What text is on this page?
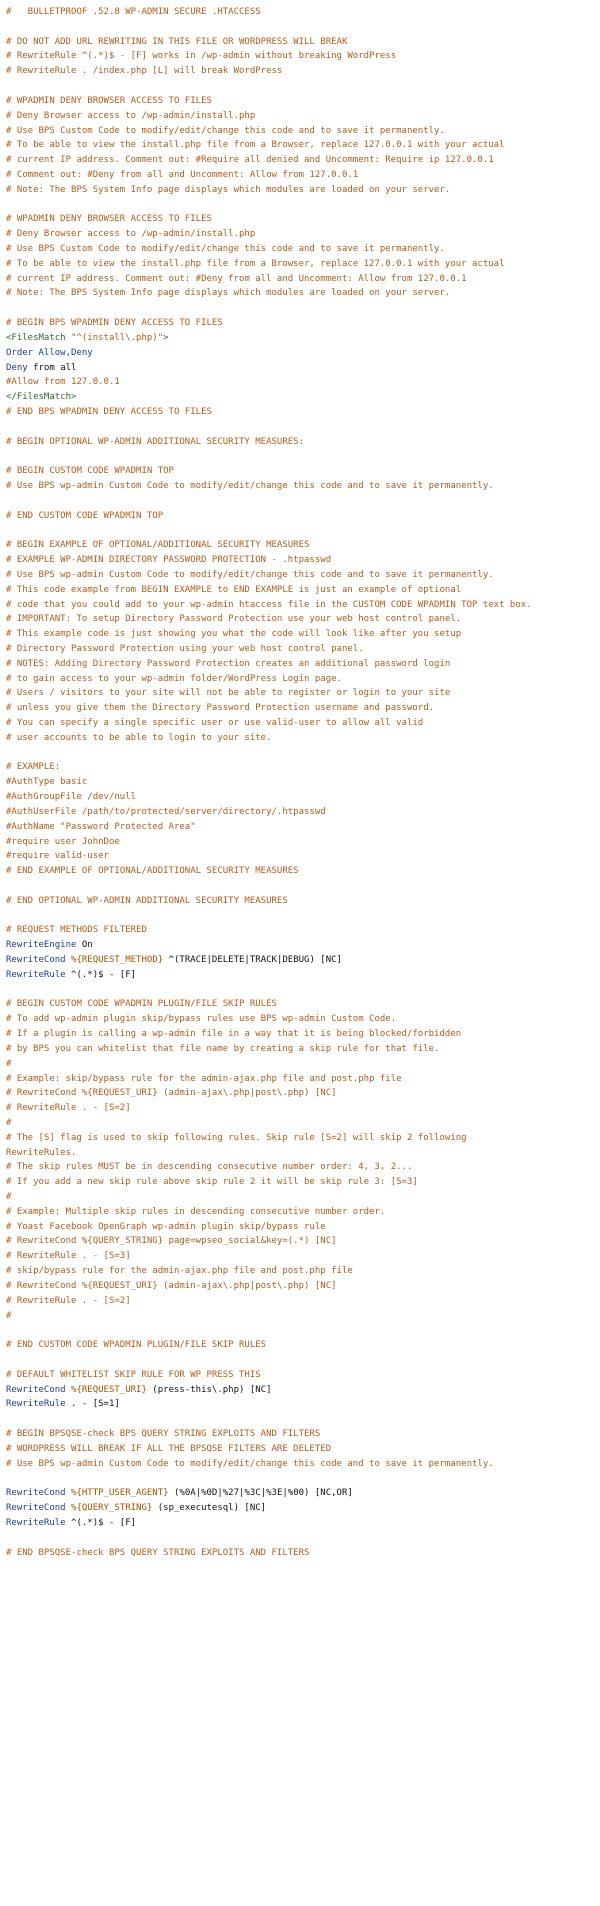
#   BULLETPROOF .52.8 WP-ADMIN SECURE .HTACCESS

# DO NOT ADD URL REWRITING IN THIS FILE OR WORDPRESS WILL BREAK
# RewriteRule ^(.*)$ - [F] works in /wp-admin without breaking WordPress
# RewriteRule . /index.php [L] will break WordPress

# WPADMIN DENY BROWSER ACCESS TO FILES
# Deny Browser access to /wp-admin/install.php
# Use BPS Custom Code to modify/edit/change this code and to save it permanently.
# To be able to view the install.php file from a Browser, replace 127.0.0.1 with your actual
# current IP address. Comment out: #Require all denied and Uncomment: Require ip 127.0.0.1
# Comment out: #Deny from all and Uncomment: Allow from 127.0.0.1
# Note: The BPS System Info page displays which modules are loaded on your server.

# WPADMIN DENY BROWSER ACCESS TO FILES
# Deny Browser access to /wp-admin/install.php
# Use BPS Custom Code to modify/edit/change this code and to save it permanently.
# To be able to view the install.php file from a Browser, replace 127.0.0.1 with your actual
# current IP address. Comment out: #Deny from all and Uncomment: Allow from 127.0.0.1
# Note: The BPS System Info page displays which modules are loaded on your server.

# BEGIN BPS WPADMIN DENY ACCESS TO FILES
<FilesMatch "^(install\.php)">
Order Allow,Deny
Deny from all
#Allow from 127.0.0.1
</FilesMatch>
# END BPS WPADMIN DENY ACCESS TO FILES

# BEGIN OPTIONAL WP-ADMIN ADDITIONAL SECURITY MEASURES:

# BEGIN CUSTOM CODE WPADMIN TOP
# Use BPS wp-admin Custom Code to modify/edit/change this code and to save it permanently.

# END CUSTOM CODE WPADMIN TOP

# BEGIN EXAMPLE OF OPTIONAL/ADDITIONAL SECURITY MEASURES
# EXAMPLE WP-ADMIN DIRECTORY PASSWORD PROTECTION - .htpasswd
# Use BPS wp-admin Custom Code to modify/edit/change this code and to save it permanently.
# This code example from BEGIN EXAMPLE to END EXAMPLE is just an example of optional
# code that you could add to your wp-admin htaccess file in the CUSTOM CODE WPADMIN TOP text box.
# IMPORTANT: To setup Directory Password Protection use your web host control panel.
# This example code is just showing you what the code will look like after you setup
# Directory Password Protection using your web host control panel.
# NOTES: Adding Directory Password Protection creates an additional password login
# to gain access to your wp-admin folder/WordPress Login page.
# Users / visitors to your site will not be able to register or login to your site
# unless you give them the Directory Password Protection username and password.
# You can specify a single specific user or use valid-user to allow all valid
# user accounts to be able to login to your site.

# EXAMPLE:
#AuthType basic
#AuthGroupFile /dev/null
#AuthUserFile /path/to/protected/server/directory/.htpasswd
#AuthName "Password Protected Area"
#require user JohnDoe
#require valid-user
# END EXAMPLE OF OPTIONAL/ADDITIONAL SECURITY MEASURES

# END OPTIONAL WP-ADMIN ADDITIONAL SECURITY MEASURES

# REQUEST METHODS FILTERED
RewriteEngine On
RewriteCond %{REQUEST_METHOD} ^(TRACE|DELETE|TRACK|DEBUG) [NC]
RewriteRule ^(.*)$ - [F]

# BEGIN CUSTOM CODE WPADMIN PLUGIN/FILE SKIP RULES
# To add wp-admin plugin skip/bypass rules use BPS wp-admin Custom Code.
# If a plugin is calling a wp-admin file in a way that it is being blocked/forbidden
# by BPS you can whitelist that file name by creating a skip rule for that file.
#
# Example: skip/bypass rule for the admin-ajax.php file and post.php file
# RewriteCond %{REQUEST_URI} (admin-ajax\.php|post\.php) [NC]
# RewriteRule . - [S=2]
#
# The [S] flag is used to skip following rules. Skip rule [S=2] will skip 2 following
RewriteRules.
# The skip rules MUST be in descending consecutive number order: 4, 3, 2...
# If you add a new skip rule above skip rule 2 it will be skip rule 3: [S=3]
#
# Example: Multiple skip rules in descending consecutive number order.
# Yoast Facebook OpenGraph wp-admin plugin skip/bypass rule
# RewriteCond %{QUERY_STRING} page=wpseo_social&key=(.*) [NC]
# RewriteRule . - [S=3]
# skip/bypass rule for the admin-ajax.php file and post.php file
# RewriteCond %{REQUEST_URI} (admin-ajax\.php|post\.php) [NC]
# RewriteRule . - [S=2]
#

# END CUSTOM CODE WPADMIN PLUGIN/FILE SKIP RULES

# DEFAULT WHITELIST SKIP RULE FOR WP PRESS THIS
RewriteCond %{REQUEST_URI} (press-this\.php) [NC]
RewriteRule . - [S=1]

# BEGIN BPSQSE-check BPS QUERY STRING EXPLOITS AND FILTERS
# WORDPRESS WILL BREAK IF ALL THE BPSQSE FILTERS ARE DELETED
# Use BPS wp-admin Custom Code to modify/edit/change this code and to save it permanently.

RewriteCond %{HTTP_USER_AGENT} (%0A|%0D|%27|%3C|%3E|%00) [NC,OR]
RewriteCond %{QUERY_STRING} (sp_executesql) [NC]
RewriteRule ^(.*)$ - [F]

# END BPSQSE-check BPS QUERY STRING EXPLOITS AND FILTERS
